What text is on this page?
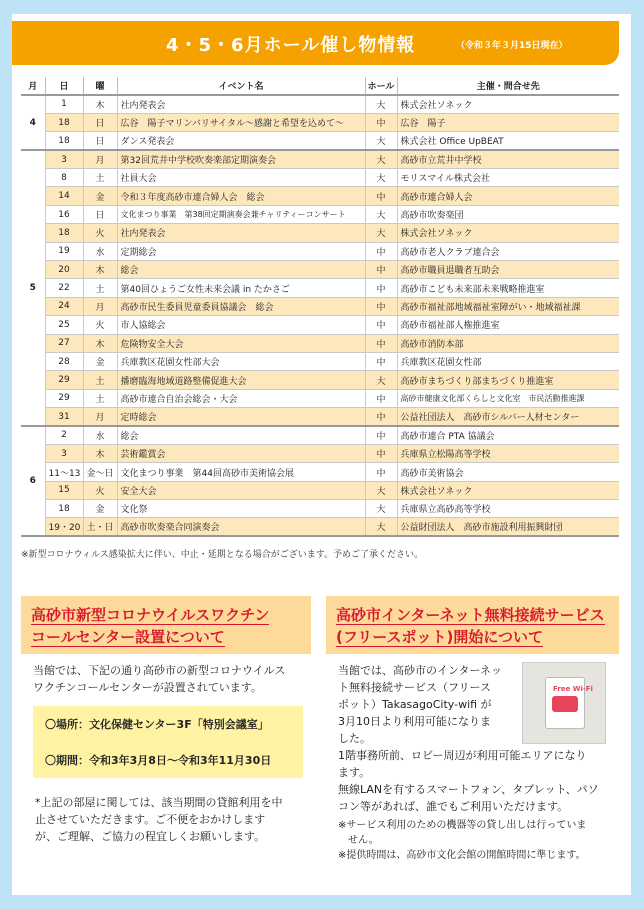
4・5・6月ホール催し物情報	（令和３年３月15日現在）
月	日	曜	イベント名	ホール	主催・問合せ先
4	1	木	社内発表会	大	株式会社ソネック
	18	日	広谷　陽子マリンバリサイタル～感謝と希望を込めて～	中	広谷　陽子
	18	日	ダンス発表会	大	株式会社 Office UpBEAT
5	3	月	第32回荒井中学校吹奏楽部定期演奏会	大	高砂市立荒井中学校
	8	土	社員大会	大	モリスマイル株式会社
	14	金	令和３年度高砂市連合婦人会　総会	中	高砂市連合婦人会
	16	日	文化まつり事業　第38回定期演奏会兼チャリティーコンサート	大	高砂市吹奏楽団
	18	火	社内発表会	大	株式会社ソネック
	19	水	定期総会	中	高砂市老人クラブ連合会
	20	木	総会	中	高砂市職員退職者互助会
	22	土	第40回ひょうご女性未来会議 in たかさご	中	高砂市こども未来部未来戦略推進室
	24	月	高砂市民生委員児童委員協議会　総会	中	高砂市福祉部地域福祉室障がい・地域福祉課
	25	火	市人協総会	中	高砂市福祉部人権推進室
	27	木	危険物安全大会	中	高砂市消防本部
	28	金	兵庫教区花園女性部大会	中	兵庫教区花園女性部
	29	土	播磨臨海地域道路整備促進大会	大	高砂市まちづくり部まちづくり推進室
	29	土	高砂市連合自治会総会・大会	中	高砂市健康文化部くらしと文化室　市民活動推進課
	31	月	定時総会	中	公益社団法人　高砂市シルバー人材センター
6	2	水	総会	中	高砂市連合 PTA 協議会
	3	木	芸術鑑賞会	中	兵庫県立松陽高等学校
	11～13	金～日	文化まつり事業　第44回高砂市美術協会展	中	高砂市美術協会
	15	火	安全大会	大	株式会社ソネック
	18	金	文化祭	大	兵庫県立高砂高等学校
	19・20	土・日	高砂市吹奏楽合同演奏会	大	公益財団法人　高砂市施設利用振興財団
※新型コロナウィルス感染拡大に伴い、中止・延期となる場合がございます。予めご了承ください。
高砂市新型コロナウイルスワクチン
コールセンター設置について
当館では、下記の通り高砂市の新型コロナウイルス
ワクチンコールセンターが設置されています。
〇場所：文化保健センター3F「特別会議室」
〇期間：令和3年3月8日～令和3年11月30日
*上記の部屋に関しては、該当期間の貸館利用を中
止させていただきます。ご不便をおかけします
が、ご理解、ご協力の程宜しくお願いします。
高砂市インターネット無料接続サービス
(フリースポット)開始について
当館では、高砂市のインターネッ
ト無料接続サービス（フリース
ポット）TakasagoCity-wifi が
3月10日より利用可能になりま
した。
Free Wi-Fi
1階事務所前、ロビー周辺が利用可能エリアになり
ます。
無線LANを有するスマートフォン、タブレット、パソ
コン等があれば、誰でもご利用いただけます。
※サービス利用のための機器等の貸し出しは行っていま
　せん。
※提供時間は、高砂市文化会館の開館時間に準じます。
